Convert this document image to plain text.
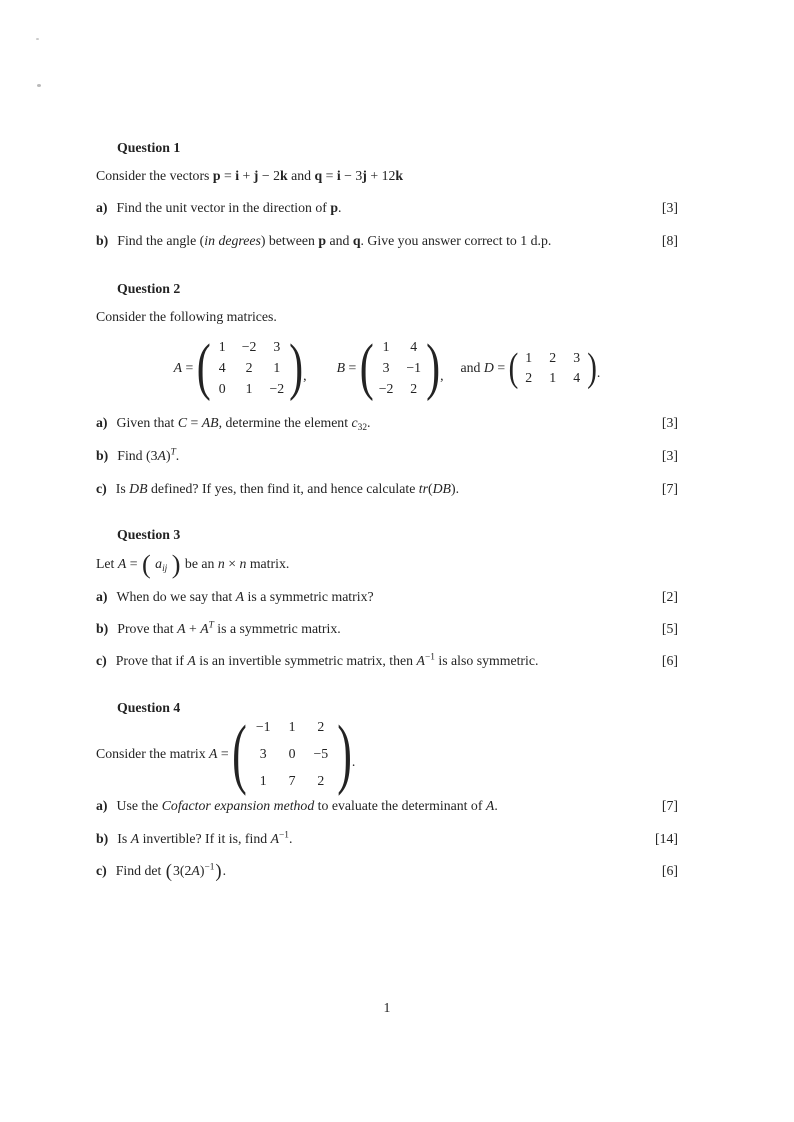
Question 1
Consider the vectors p = i + j − 2k and q = i − 3j + 12k
a) Find the unit vector in the direction of p.	[3]
b) Find the angle (in degrees) between p and q. Give you answer correct to 1 d.p.	[8]
Question 2
Consider the following matrices.
A = ( 1 −2 3
4 2 1
0 1 −2 ) , B = ( 1 4
3 −1
−2 2 ) , and D = ( 1 2 3
2 1 4 ) .
a) Given that C = AB, determine the element $c_{32}$.	[3]
b) Find $(3A)^T$.	[3]
c) Is DB defined? If yes, then find it, and hence calculate tr(DB).	[7]
Question 3
Let A = ( $a_{ij}$ ) be an n × n matrix.
a) When do we say that A is a symmetric matrix?	[2]
b) Prove that $A + A^T$ is a symmetric matrix.	[5]
c) Prove that if A is an invertible symmetric matrix, then $A^{-1}$ is also symmetric.	[6]
Question 4
Consider the matrix A = ( −1 1 2
3 0 −5
1 7 2 ) .
a) Use the Cofactor expansion method to evaluate the determinant of A.	[7]
b) Is A invertible? If it is, find $A^{-1}$.	[14]
c) Find $\det (3(2A)^{-1})$.	[6]
1
